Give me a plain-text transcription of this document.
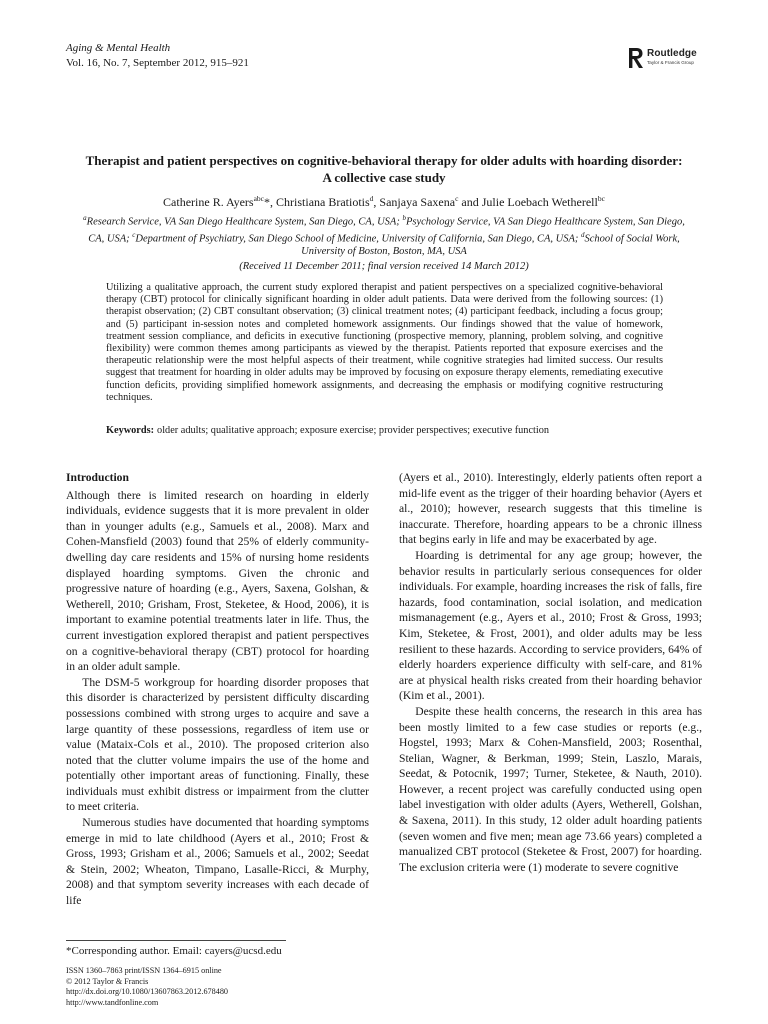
Aging & Mental Health
Vol. 16, No. 7, September 2012, 915–921
Routledge
Taylor & Francis Group
Therapist and patient perspectives on cognitive-behavioral therapy for older adults with hoarding disorder: A collective case study
Catherine R. Ayers$^{abc}$*, Christiana Bratiotis$^d$, Sanjaya Saxena$^c$ and Julie Loebach Wetherell$^{bc}$
$^a$Research Service, VA San Diego Healthcare System, San Diego, CA, USA; $^b$Psychology Service, VA San Diego Healthcare System, San Diego, CA, USA; $^c$Department of Psychiatry, San Diego School of Medicine, University of California, San Diego, CA, USA; $^d$School of Social Work, University of Boston, Boston, MA, USA
(Received 11 December 2011; final version received 14 March 2012)

Utilizing a qualitative approach, the current study explored therapist and patient perspectives on a specialized cognitive-behavioral therapy (CBT) protocol for clinically significant hoarding in older adult patients. Data were derived from the following sources: (1) therapist observation; (2) CBT consultant observation; (3) clinical treatment notes; (4) participant feedback, including a focus group; and (5) participant in-session notes and completed homework assignments. Our findings showed that the value of homework, treatment session compliance, and deficits in executive functioning (prospective memory, planning, problem solving, and cognitive flexibility) were common themes among participants as viewed by the therapist. Patients reported that exposure exercises and the therapeutic relationship were the most helpful aspects of their treatment, while cognitive strategies had limited success. Our results suggest that treatment for hoarding in older adults may be improved by focusing on exposure therapy elements, remediating executive function deficits, providing simplified homework assignments, and decreasing the emphasis or modifying cognitive restructuring techniques.

Keywords: older adults; qualitative approach; exposure exercise; provider perspectives; executive function
Introduction

Although there is limited research on hoarding in elderly individuals, evidence suggests that it is more prevalent in older than in younger adults (e.g., Samuels et al., 2008). Marx and Cohen-Mansfield (2003) found that 25% of elderly community-dwelling day care residents and 15% of nursing home residents displayed hoarding symptoms. Given the chronic and progressive nature of hoarding (e.g., Ayers, Saxena, Golshan, & Wetherell, 2010; Grisham, Frost, Steketee, & Hood, 2006), it is important to examine potential treatments later in life. Thus, the current investigation explored therapist and patient perspectives on a cognitive-behavioral therapy (CBT) protocol for hoarding in an older adult sample.

The DSM-5 workgroup for hoarding disorder proposes that this disorder is characterized by persistent difficulty discarding possessions combined with strong urges to acquire and save a large quantity of these possessions, regardless of item use or value (Mataix-Cols et al., 2010). The proposed criterion also noted that the clutter volume impairs the use of the home and potentially other important areas of functioning. Finally, these individuals must exhibit distress or impairment from the clutter to meet criteria.

Numerous studies have documented that hoarding symptoms emerge in mid to late childhood (Ayers et al., 2010; Frost & Gross, 1993; Grisham et al., 2006; Samuels et al., 2002; Seedat & Stein, 2002; Wheaton, Timpano, Lasalle-Ricci, & Murphy, 2008) and that symptom severity increases with each decade of life

(Ayers et al., 2010). Interestingly, elderly patients often report a mid-life event as the trigger of their hoarding behavior (Ayers et al., 2010); however, research suggests that this timeline is inaccurate. Therefore, hoarding appears to be a chronic illness that begins early in life and may be exacerbated by age.

Hoarding is detrimental for any age group; however, the behavior results in particularly serious consequences for older individuals. For example, hoarding increases the risk of falls, fire hazards, food contamination, social isolation, and medication mismanagement (e.g., Ayers et al., 2010; Frost & Gross, 1993; Kim, Steketee, & Frost, 2001), and older adults may be less resilient to these hazards. According to service providers, 64% of elderly hoarders experience difficulty with self-care, and 81% are at physical health risks created from their hoarding behavior (Kim et al., 2001).

Despite these health concerns, the research in this area has been mostly limited to a few case studies or reports (e.g., Hogstel, 1993; Marx & Cohen-Mansfield, 2003; Rosenthal, Stelian, Wagner, & Berkman, 1999; Stein, Laszlo, Marais, Seedat, & Potocnik, 1997; Turner, Steketee, & Nauth, 2010). However, a recent project was carefully conducted using open label investigation with older adults (Ayers, Wetherell, Golshan, & Saxena, 2011). In this study, 12 older adult hoarding patients (seven women and five men; mean age 73.66 years) completed a manualized CBT protocol (Steketee & Frost, 2007) for hoarding. The exclusion criteria were (1) moderate to severe cognitive

*Corresponding author. Email: cayers@ucsd.edu
ISSN 1360–7863 print/ISSN 1364–6915 online
© 2012 Taylor & Francis
http://dx.doi.org/10.1080/13607863.2012.678480
http://www.tandfonline.com
